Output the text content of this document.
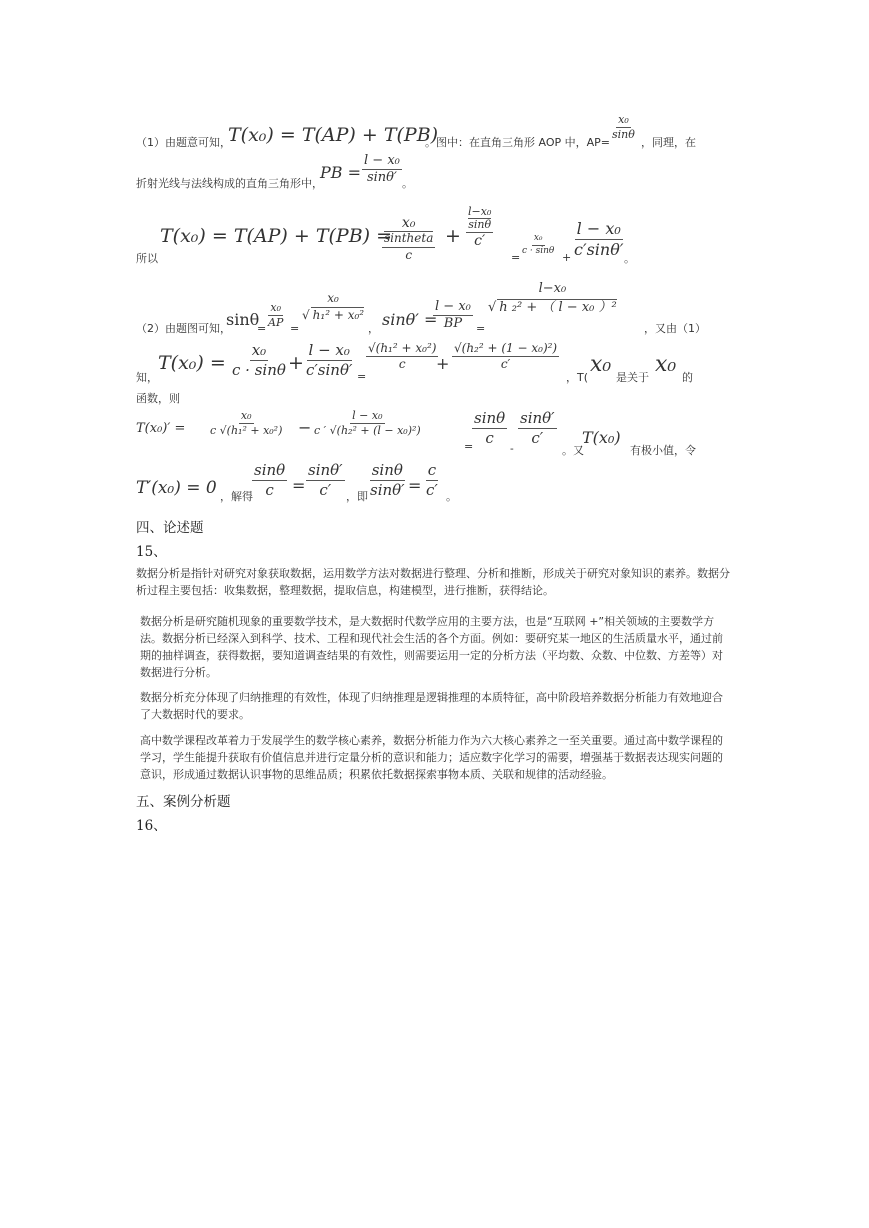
（1）由题意可知，
T(x₀) = T(AP) + T(PB)
。图中：在直角三角形 AOP 中，AP=
$\frac{\text{x₀}}{\sin\theta}$
，同理，在
折射光线与法线构成的直角三角形中，
PB = $\frac{\text{l − x₀}}{\sin\theta'}$ 。
所以
T(x₀) = T(AP) + T(PB) =
x₀
sintheta
c + l−x₀
sinθ
c′
=
$\frac{\text{x₀}}{c \cdot \sin\theta}$
+ $\frac{\text{l − x₀}}{c'\sin\theta'}$
。
（2）由题图可知，
sinθ
= $\frac{\text{x₀}}{AP}$ =
x₀
√ h₁² + x₀²
， sinθ′ =
$\frac{\text{l − x₀}}{BP}$ =
l−x₀
√ h ₂² + （ l − x₀ ）²
，又由（1）
知，
$T(x_0) = \frac{\text{x₀}}{c \cdot \sin\theta} + \frac{\text{l − x₀}}{c'\sin\theta'}$ =
$\frac{\text{√(h₁² + x₀²)}}{c}$
+ $\frac{\text{√(h₂² + (1 − x₀)²)}}{c'}$
，T(
x₀
是关于
x₀
的
函数，则
$T(x_0)' = \frac{\text{x₀}}{\text{c √(h₁² + x₀²)}} - \frac{\text{l − x₀}}{\text{c ′ √(h₂² + (l − x₀)²)}}$
=
$\frac{\sin\theta}{c}$
-
$\frac{\sin\theta'}{c'}$
。又
T(x₀)
有极小值，令
T′(x₀) = 0 ，解得 $\frac{\sin\theta}{c} = \frac{\sin\theta'}{c'}$ ，即 $\frac{\sin\theta}{\sin\theta'} = \frac{c}{c'}$ 。
四、论述题
15、
数据分析是指针对研究对象获取数据，运用数学方法对数据进行整理、分析和推断，形成关于研究对象知识的素养。数据分析过程主要包括：收集数据，整理数据，提取信息，构建模型，进行推断，获得结论。
数据分析是研究随机现象的重要数学技术，是大数据时代数学应用的主要方法，也是“互联网 +”相关领域的主要数学方法。数据分析已经深入到科学、技术、工程和现代社会生活的各个方面。例如：要研究某一地区的生活质量水平，通过前期的抽样调查，获得数据，要知道调查结果的有效性，则需要运用一定的分析方法（平均数、众数、中位数、方差等）对数据进行分析。
数据分析充分体现了归纳推理的有效性，体现了归纳推理是逻辑推理的本质特征，高中阶段培养数据分析能力有效地迎合了大数据时代的要求。
高中数学课程改革着力于发展学生的数学核心素养，数据分析能力作为六大核心素养之一至关重要。通过高中数学课程的学习，学生能提升获取有价值信息并进行定量分析的意识和能力；适应数字化学习的需要，增强基于数据表达现实问题的意识，形成通过数据认识事物的思维品质；积累依托数据探索事物本质、关联和规律的活动经验。
五、案例分析题
16、
